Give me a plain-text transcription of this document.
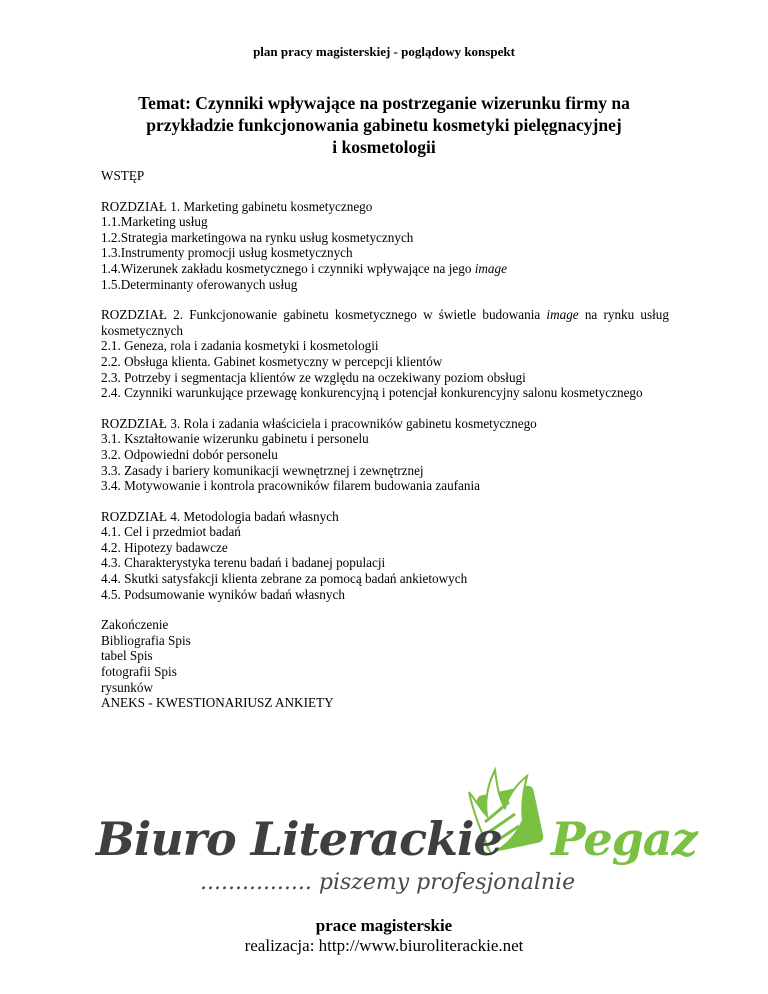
plan pracy magisterskiej - poglądowy konspekt
Temat: Czynniki wpływające na postrzeganie wizerunku firmy na
przykładzie funkcjonowania gabinetu kosmetyki pielęgnacyjnej
i kosmetologii

WSTĘP

ROZDZIAŁ 1. Marketing gabinetu kosmetycznego

1.1.Marketing usług

1.2.Strategia marketingowa na rynku usług kosmetycznych

1.3.Instrumenty promocji usług kosmetycznych

1.4.Wizerunek zakładu kosmetycznego i czynniki wpływające na jego image

1.5.Determinanty oferowanych usług

ROZDZIAŁ 2. Funkcjonowanie gabinetu kosmetycznego w świetle budowania image na rynku usług kosmetycznych

2.1. Geneza, rola i zadania kosmetyki i kosmetologii

2.2. Obsługa klienta. Gabinet kosmetyczny w percepcji klientów

2.3. Potrzeby i segmentacja klientów ze względu na oczekiwany poziom obsługi

2.4. Czynniki warunkujące przewagę konkurencyjną i potencjał konkurencyjny salonu kosmetycznego

ROZDZIAŁ 3. Rola i zadania właściciela i pracowników gabinetu kosmetycznego

3.1. Kształtowanie wizerunku gabinetu i personelu

3.2. Odpowiedni dobór personelu

3.3. Zasady i bariery komunikacji wewnętrznej i zewnętrznej

3.4. Motywowanie i kontrola pracowników filarem budowania zaufania

ROZDZIAŁ 4. Metodologia badań własnych

4.1. Cel i przedmiot badań

4.2. Hipotezy badawcze

4.3. Charakterystyka terenu badań i badanej populacji

4.4. Skutki satysfakcji klienta zebrane za pomocą badań ankietowych

4.5. Podsumowanie wyników badań własnych

Zakończenie

Bibliografia Spis

tabel Spis

fotografii Spis

rysunków

ANEKS - KWESTIONARIUSZ ANKIETY

Biuro Literackie Pegaz
................ piszemy profesjonalnie
prace magisterskie
realizacja: http://www.biuroliterackie.net
